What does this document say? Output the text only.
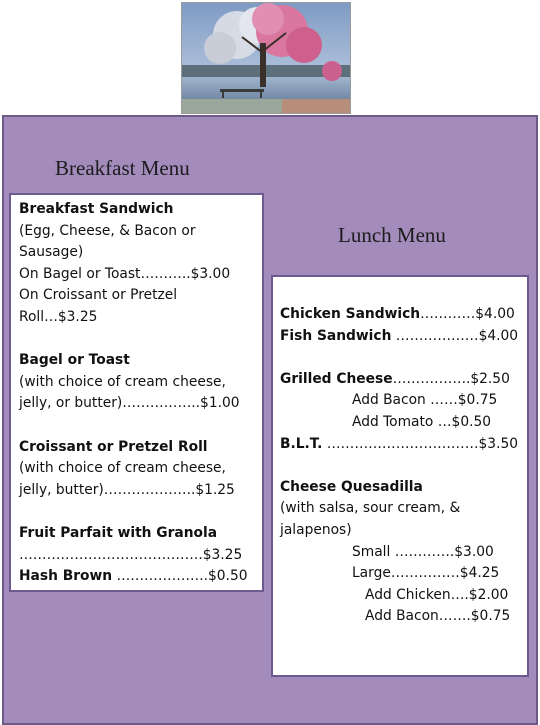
Breakfast Menu
Lunch Menu
Breakfast Sandwich
(Egg, Cheese, & Bacon or
Sausage)
On Bagel or Toast………..$3.00
On Croissant or Pretzel
Roll…$3.25
Bagel or Toast
(with choice of cream cheese,
jelly, or butter)……………..$1.00
Croissant or Pretzel Roll
(with choice of cream cheese,
jelly, butter)………………..$1.25
Fruit Parfait with Granola
………………………………….$3.25
Hash Brown ………………..$0.50
Chicken Sandwich…………$4.00
Fish Sandwich ………………$4.00
Grilled Cheese……………..$2.50
Add Bacon ……$0.75
Add Tomato …$0.50
B.L.T. ……………………………$3.50
Cheese Quesadilla
(with salsa, sour cream, &
jalapenos)
Small ………….$3.00
Large……………$4.25
Add Chicken….$2.00
Add Bacon…….$0.75
